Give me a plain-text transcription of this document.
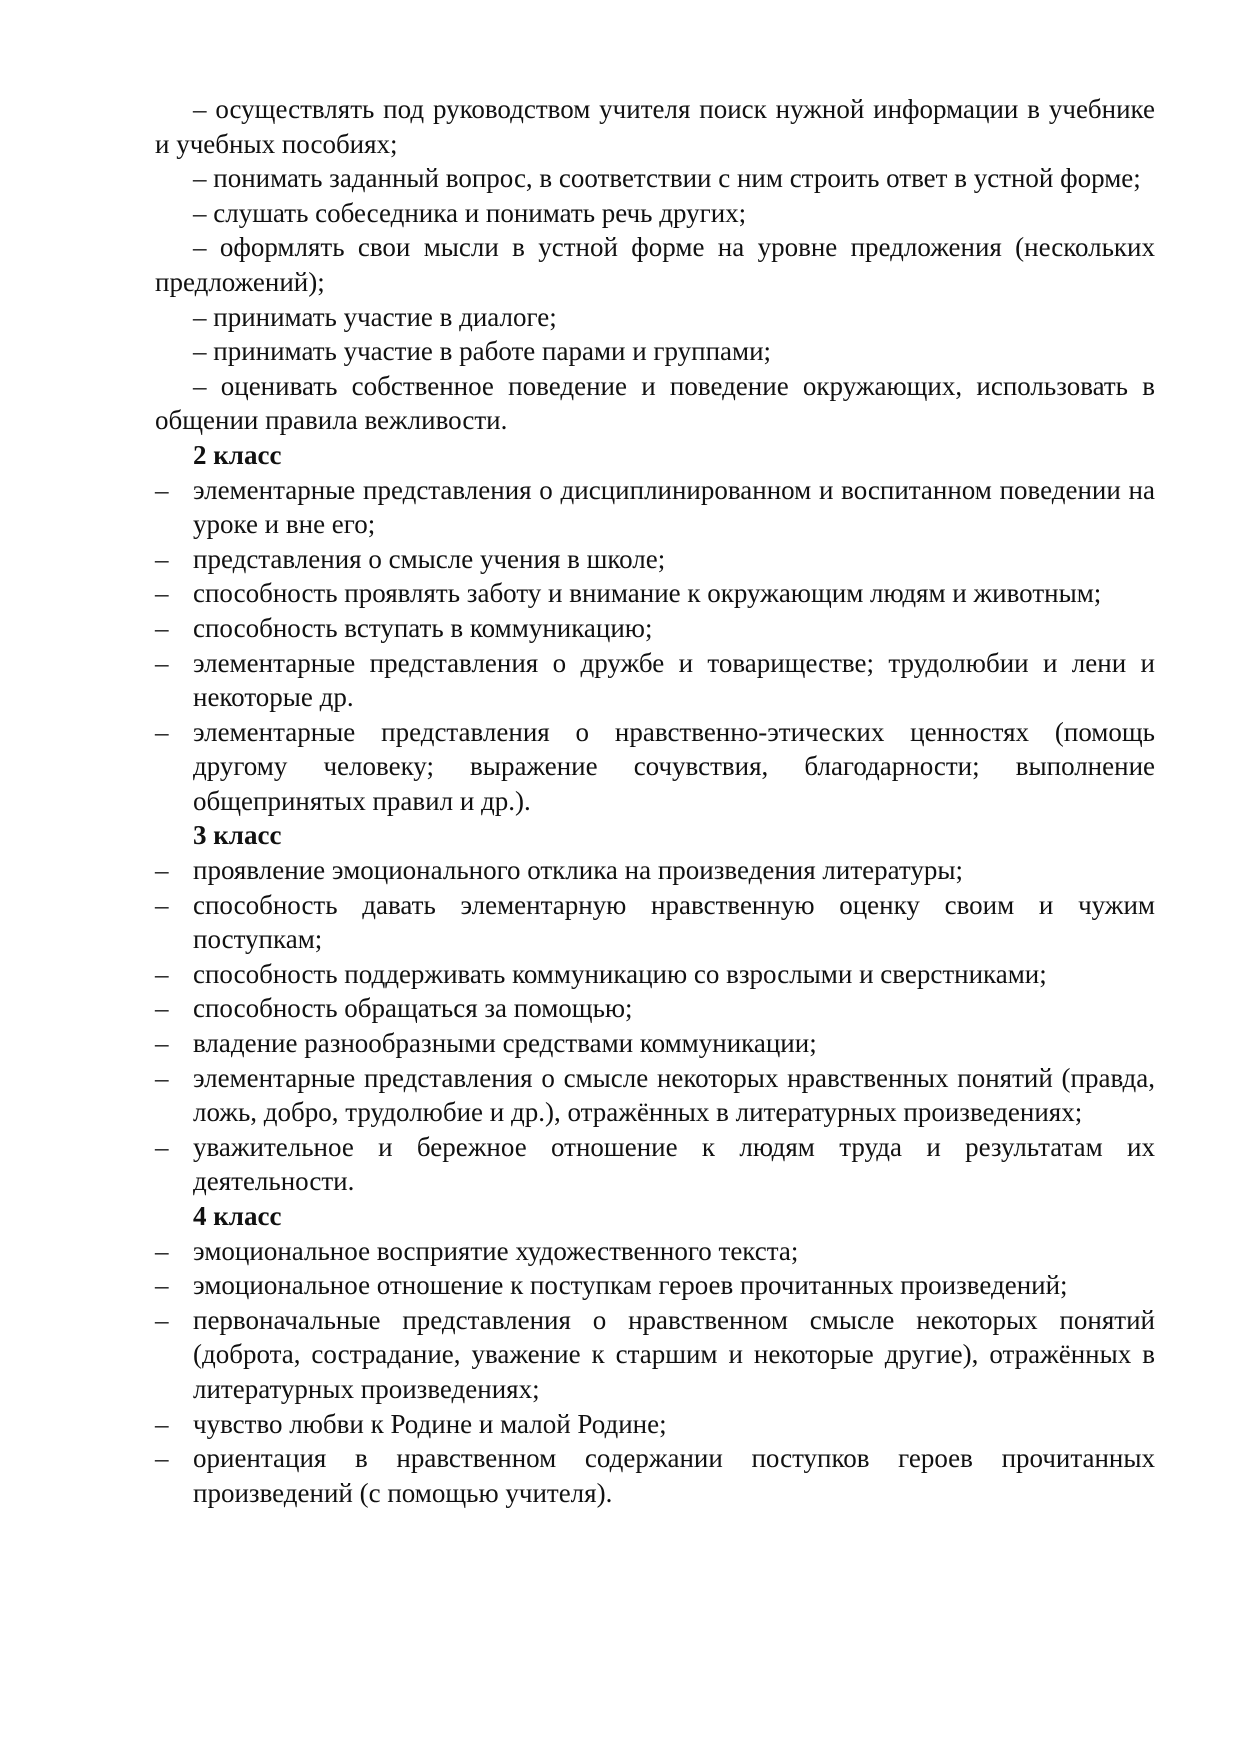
– осуществлять под руководством учителя поиск нужной информации в учебнике и учебных пособиях;

– понимать заданный вопрос, в соответствии с ним строить ответ в устной форме;

– слушать собеседника и понимать речь других;

– оформлять свои мысли в устной форме на уровне предложения (нескольких предложений);

– принимать участие в диалоге;

– принимать участие в работе парами и группами;

– оценивать собственное поведение и поведение окружающих, использовать в общении правила вежливости.

2 класс

– элементарные представления о дисциплинированном и воспитанном поведении на уроке и вне его;
– представления о смысле учения в школе;
– способность проявлять заботу и внимание к окружающим людям и животным;
– способность вступать в коммуникацию;
– элементарные представления о дружбе и товариществе; трудолюбии и лени и некоторые др.
– элементарные представления о нравственно-этических ценностях (помощь другому человеку; выражение сочувствия, благодарности; выполнение общепринятых правил и др.).

3 класс

– проявление эмоционального отклика на произведения литературы;
– способность давать элементарную нравственную оценку своим и чужим поступкам;
– способность поддерживать коммуникацию со взрослыми и сверстниками;
– способность обращаться за помощью;
– владение разнообразными средствами коммуникации;
– элементарные представления о смысле некоторых нравственных понятий (правда, ложь, добро, трудолюбие и др.), отражённых в литературных произведениях;
– уважительное и бережное отношение к людям труда и результатам их деятельности.

4 класс

– эмоциональное восприятие художественного текста;
– эмоциональное отношение к поступкам героев прочитанных произведений;
– первоначальные представления о нравственном смысле некоторых понятий (доброта, сострадание, уважение к старшим и некоторые другие), отражённых в литературных произведениях;
– чувство любви к Родине и малой Родине;
– ориентация в нравственном содержании поступков героев прочитанных произведений (с помощью учителя).
